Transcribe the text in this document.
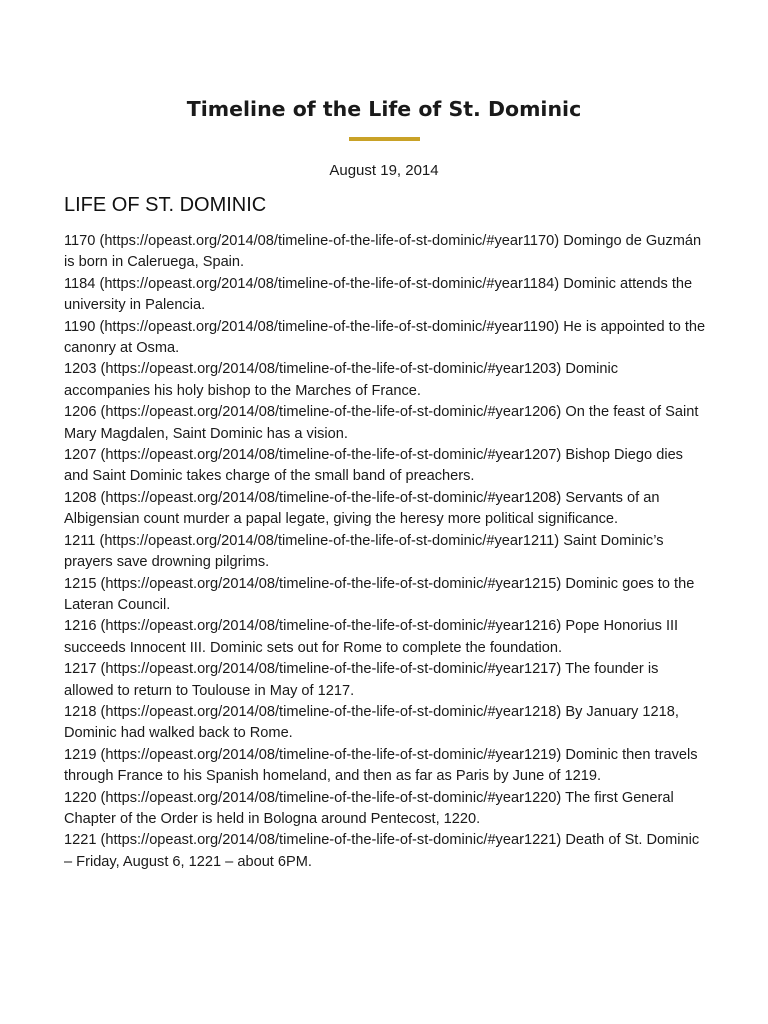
Timeline of the Life of St. Dominic
August 19, 2014
LIFE OF ST. DOMINIC
1170 (https://opeast.org/2014/08/timeline-of-the-life-of-st-dominic/#year1170) Domingo de Guzmán is born in Caleruega, Spain.
1184 (https://opeast.org/2014/08/timeline-of-the-life-of-st-dominic/#year1184) Dominic attends the university in Palencia.
1190 (https://opeast.org/2014/08/timeline-of-the-life-of-st-dominic/#year1190) He is appointed to the canonry at Osma.
1203 (https://opeast.org/2014/08/timeline-of-the-life-of-st-dominic/#year1203) Dominic accompanies his holy bishop to the Marches of France.
1206 (https://opeast.org/2014/08/timeline-of-the-life-of-st-dominic/#year1206) On the feast of Saint Mary Magdalen, Saint Dominic has a vision.
1207 (https://opeast.org/2014/08/timeline-of-the-life-of-st-dominic/#year1207) Bishop Diego dies and Saint Dominic takes charge of the small band of preachers.
1208 (https://opeast.org/2014/08/timeline-of-the-life-of-st-dominic/#year1208) Servants of an Albigensian count murder a papal legate, giving the heresy more political significance.
1211 (https://opeast.org/2014/08/timeline-of-the-life-of-st-dominic/#year1211) Saint Dominic’s prayers save drowning pilgrims.
1215 (https://opeast.org/2014/08/timeline-of-the-life-of-st-dominic/#year1215) Dominic goes to the Lateran Council.
1216 (https://opeast.org/2014/08/timeline-of-the-life-of-st-dominic/#year1216) Pope Honorius III succeeds Innocent III. Dominic sets out for Rome to complete the foundation.
1217 (https://opeast.org/2014/08/timeline-of-the-life-of-st-dominic/#year1217) The founder is allowed to return to Toulouse in May of 1217.
1218 (https://opeast.org/2014/08/timeline-of-the-life-of-st-dominic/#year1218) By January 1218, Dominic had walked back to Rome.
1219 (https://opeast.org/2014/08/timeline-of-the-life-of-st-dominic/#year1219) Dominic then travels through France to his Spanish homeland, and then as far as Paris by June of 1219.
1220 (https://opeast.org/2014/08/timeline-of-the-life-of-st-dominic/#year1220) The first General Chapter of the Order is held in Bologna around Pentecost, 1220.
1221 (https://opeast.org/2014/08/timeline-of-the-life-of-st-dominic/#year1221) Death of St. Dominic – Friday, August 6, 1221 – about 6PM.
